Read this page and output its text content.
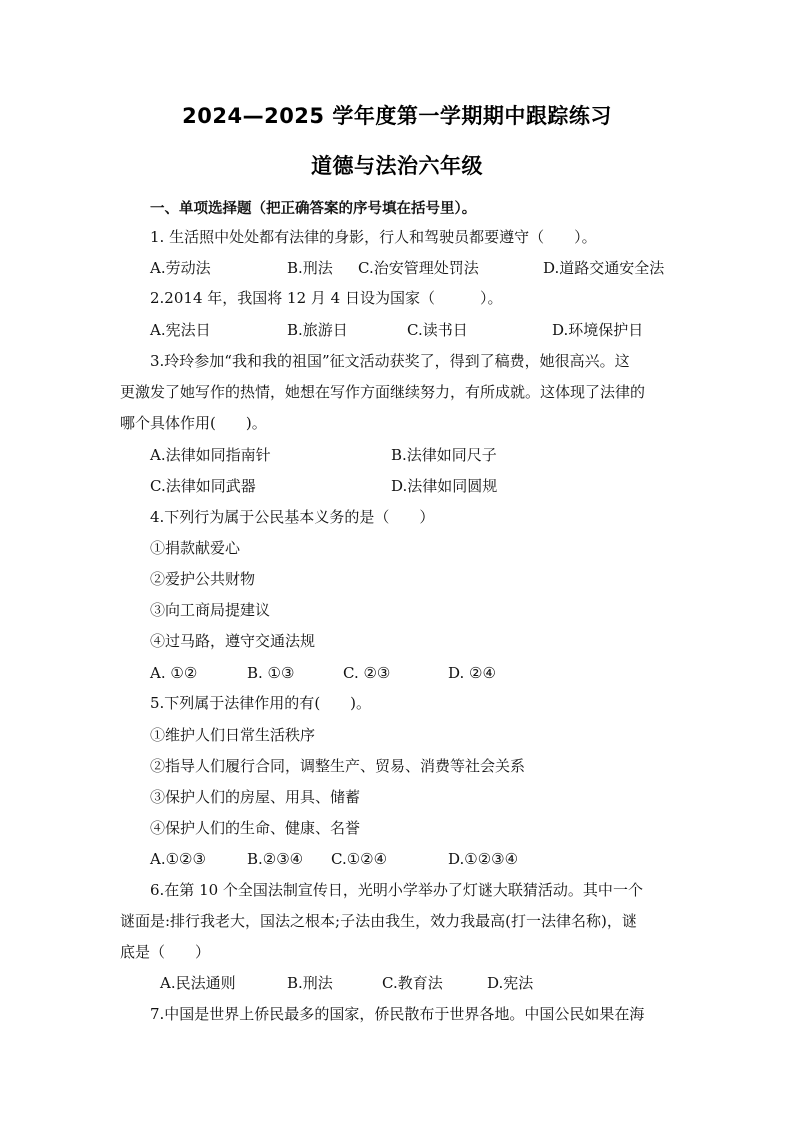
2024—2025 学年度第一学期期中跟踪练习
道德与法治六年级
一、单项选择题（把正确答案的序号填在括号里）。
1. 生活照中处处都有法律的身影，行人和驾驶员都要遵守（　　）。
A.劳动法	B.刑法 C.治安管理处罚法	D.道路交通安全法
2.2014 年，我国将 12 月 4 日设为国家（　　　）。
A.宪法日	B.旅游日	C.读书日	D.环境保护日
3.玲玲参加“我和我的祖国”征文活动获奖了，得到了稿费，她很高兴。这
更激发了她写作的热情，她想在写作方面继续努力，有所成就。这体现了法律的
哪个具体作用(　　)。
A.法律如同指南针	B.法律如同尺子
C.法律如同武器	D.法律如同圆规
4.下列行为属于公民基本义务的是（　　）
①捐款献爱心
②爱护公共财物
③向工商局提建议
④过马路，遵守交通法规
A. ①②	B. ①③	C. ②③	D. ②④
5.下列属于法律作用的有(　　)。
①维护人们日常生活秩序
②指导人们履行合同，调整生产、贸易、消费等社会关系
③保护人们的房屋、用具、储蓄
④保护人们的生命、健康、名誉
A.①②③	B.②③④ C.①②④	D.①②③④
6.在第 10 个全国法制宣传日，光明小学举办了灯谜大联猜活动。其中一个
谜面是:排行我老大，国法之根本;子法由我生，效力我最高(打一法律名称)，谜
底是（　　）
A.民法通则	B.刑法	C.教育法	D.宪法
7.中国是世界上侨民最多的国家，侨民散布于世界各地。中国公民如果在海
